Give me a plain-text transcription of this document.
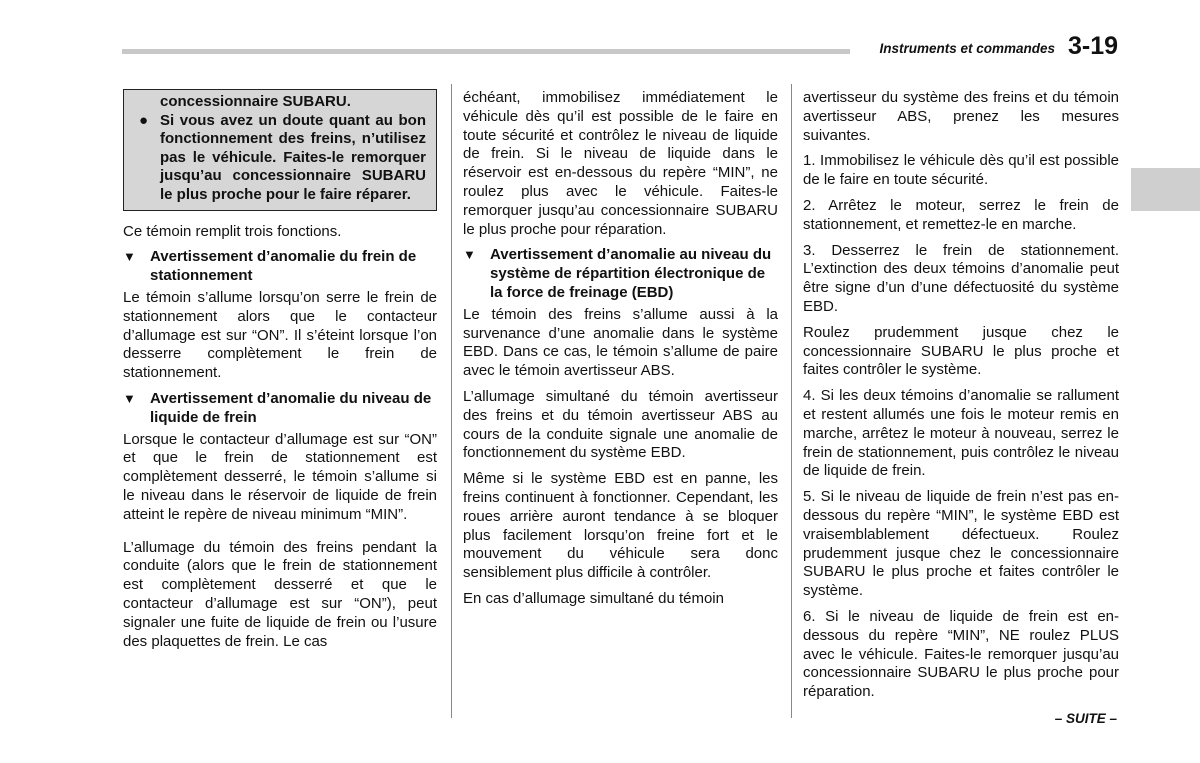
Instruments et commandes 3-19
concessionnaire SUBARU.
● Si vous avez un doute quant au bon fonctionnement des freins, n’utilisez pas le véhicule. Faites-le remorquer jusqu’au concessionnaire SUBARU le plus proche pour le faire réparer.

Ce témoin remplit trois fonctions.

▼ Avertissement d’anomalie du frein de stationnement

Le témoin s’allume lorsqu’on serre le frein de stationnement alors que le contacteur d’allumage est sur “ON”. Il s’éteint lorsque l’on desserre complètement le frein de stationnement.

▼ Avertissement d’anomalie du niveau de liquide de frein

Lorsque le contacteur d’allumage est sur “ON” et que le frein de stationnement est complètement desserré, le témoin s’allume si le niveau dans le réservoir de liquide de frein atteint le repère de niveau minimum “MIN”.

L’allumage du témoin des freins pendant la conduite (alors que le frein de stationnement est complètement desserré et que le contacteur d’allumage est sur “ON”), peut signaler une fuite de liquide de frein ou l’usure des plaquettes de frein. Le cas

échéant, immobilisez immédiatement le véhicule dès qu’il est possible de le faire en toute sécurité et contrôlez le niveau de liquide de frein. Si le niveau de liquide dans le réservoir est en-dessous du repère “MIN”, ne roulez plus avec le véhicule. Faites-le remorquer jusqu’au concessionnaire SUBARU le plus proche pour réparation.

▼ Avertissement d’anomalie au niveau du système de répartition électronique de la force de freinage (EBD)

Le témoin des freins s’allume aussi à la survenance d’une anomalie dans le système EBD. Dans ce cas, le témoin s’allume de paire avec le témoin avertisseur ABS.

L’allumage simultané du témoin avertisseur des freins et du témoin avertisseur ABS au cours de la conduite signale une anomalie de fonctionnement du système EBD.

Même si le système EBD est en panne, les freins continuent à fonctionner. Cependant, les roues arrière auront tendance à se bloquer plus facilement lorsqu’on freine fort et le mouvement du véhicule sera donc sensiblement plus difficile à contrôler.

En cas d’allumage simultané du témoin

avertisseur du système des freins et du témoin avertisseur ABS, prenez les mesures suivantes.

1. Immobilisez le véhicule dès qu’il est possible de le faire en toute sécurité.

2. Arrêtez le moteur, serrez le frein de stationnement, et remettez-le en marche.

3. Desserrez le frein de stationnement. L’extinction des deux témoins d’anomalie peut être signe d’un d’une défectuosité du système EBD.

Roulez prudemment jusque chez le concessionnaire SUBARU le plus proche et faites contrôler le système.

4. Si les deux témoins d’anomalie se rallument et restent allumés une fois le moteur remis en marche, arrêtez le moteur à nouveau, serrez le frein de stationnement, puis contrôlez le niveau de liquide de frein.

5. Si le niveau de liquide de frein n’est pas en-dessous du repère “MIN”, le système EBD est vraisemblablement défectueux. Roulez prudemment jusque chez le concessionnaire SUBARU le plus proche et faites contrôler le système.

6. Si le niveau de liquide de frein est en-dessous du repère “MIN”, NE roulez PLUS avec le véhicule. Faites-le remorquer jusqu’au concessionnaire SUBARU le plus proche pour réparation.

– SUITE –
